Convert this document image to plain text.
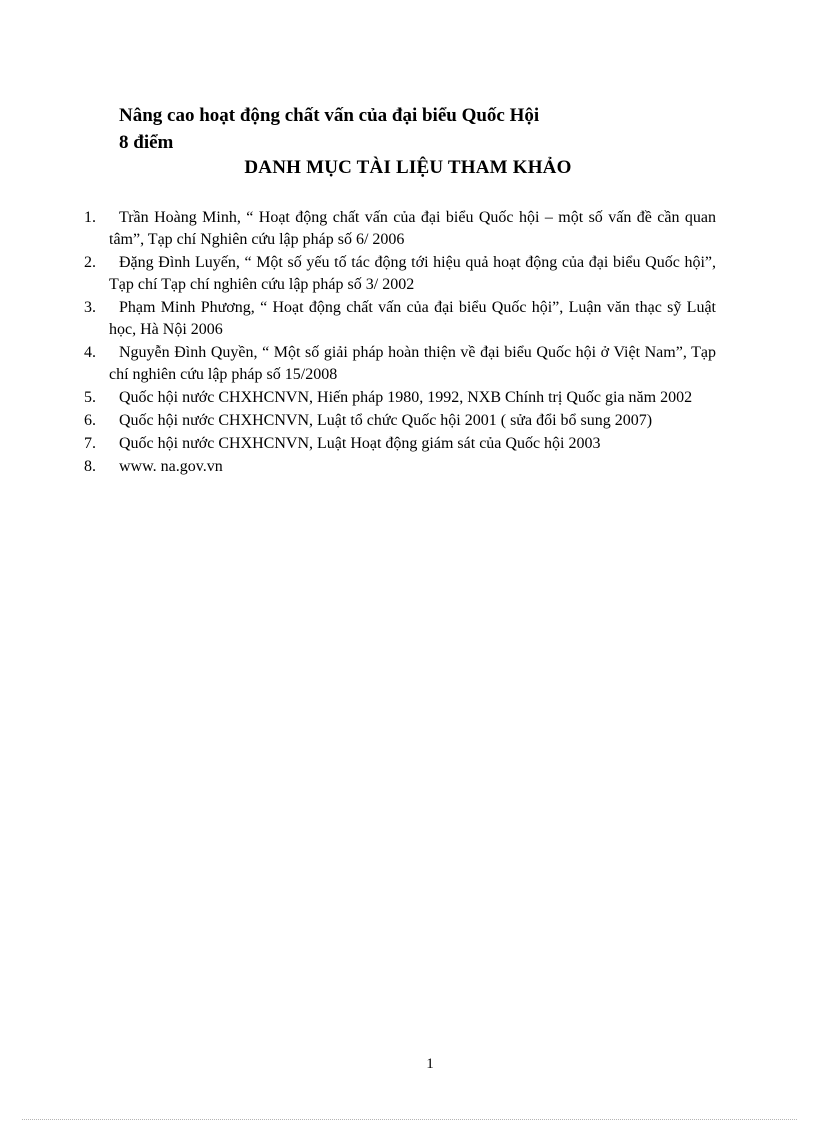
Nâng cao hoạt động chất vấn của đại biểu Quốc Hội
8 điểm
DANH MỤC TÀI LIỆU THAM KHẢO
1.	Trần Hoàng Minh, “ Hoạt động chất vấn của đại biểu Quốc hội – một số vấn đề cần quan tâm”, Tạp chí Nghiên cứu lập pháp số 6/ 2006
2.	Đặng Đình Luyến, “ Một số yếu tố tác động tới hiệu quả hoạt động của đại biểu Quốc hội”, Tạp chí Tạp chí nghiên cứu lập pháp số 3/ 2002
3.	Phạm Minh Phương, “ Hoạt động chất vấn của đại biểu Quốc hội”, Luận văn thạc sỹ Luật học, Hà Nội 2006
4.	Nguyễn Đình Quyền, “ Một số giải pháp hoàn thiện về đại biểu Quốc hội ở Việt Nam”, Tạp chí nghiên cứu lập pháp số 15/2008
5.	Quốc hội nước CHXHCNVN, Hiến pháp 1980, 1992, NXB Chính trị Quốc gia năm 2002
6.	Quốc hội nước CHXHCNVN, Luật tổ chức Quốc hội 2001 ( sửa đổi bổ sung 2007)
7.	Quốc hội nước CHXHCNVN, Luật Hoạt động giám sát của Quốc hội 2003
8.	www. na.gov.vn
1
